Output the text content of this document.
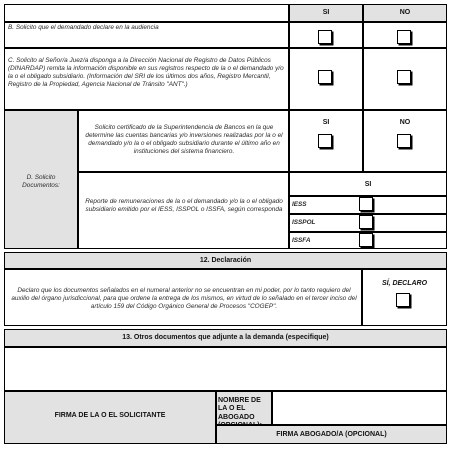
SI	NO
B. Solicito que el demandado declare en la audiencia
C. Solicito al Señor/a Juez/a disponga a la Dirección Nacional de Registro de Datos Públicos (DINARDAP) remita la información disponible en sus registros respecto de la o el demandado y/o la o el obligado subsidiario. (Información del SRI de los últimos dos años, Registro Mercantil, Registro de la Propiedad, Agencia Nacional de Tránsito "ANT".)
D. Solicito Documentos:
Solicito certificado de la Superintendencia de Bancos en la que determine las cuentas bancarias y/o inversiones realizadas por la o el demandado y/o la o el obligado subsidiario durante el último año en instituciones del sistema financiero.
SI	NO
Reporte de remuneraciones de la o el demandado y/o la o el obligado subsidiario emitido por el IESS, ISSPOL o ISSFA, según corresponda
SI
IESS
ISSPOL
ISSFA
12. Declaración
Declaro que los documentos señalados en el numeral anterior no se encuentran en mi poder, por lo tanto requiero del auxilio del órgano jurisdiccional, para que ordene la entrega de los mismos, en virtud de lo señalado en el tercer inciso del artículo 159 del Código Orgánico General de Procesos "COGEP".
SÍ, DECLARO
13. Otros documentos que adjunte a la demanda (especifique)
FIRMA DE LA O EL SOLICITANTE
NOMBRE DE LA O EL ABOGADO
FIRMA ABOGADO/A (OPCIONAL)
